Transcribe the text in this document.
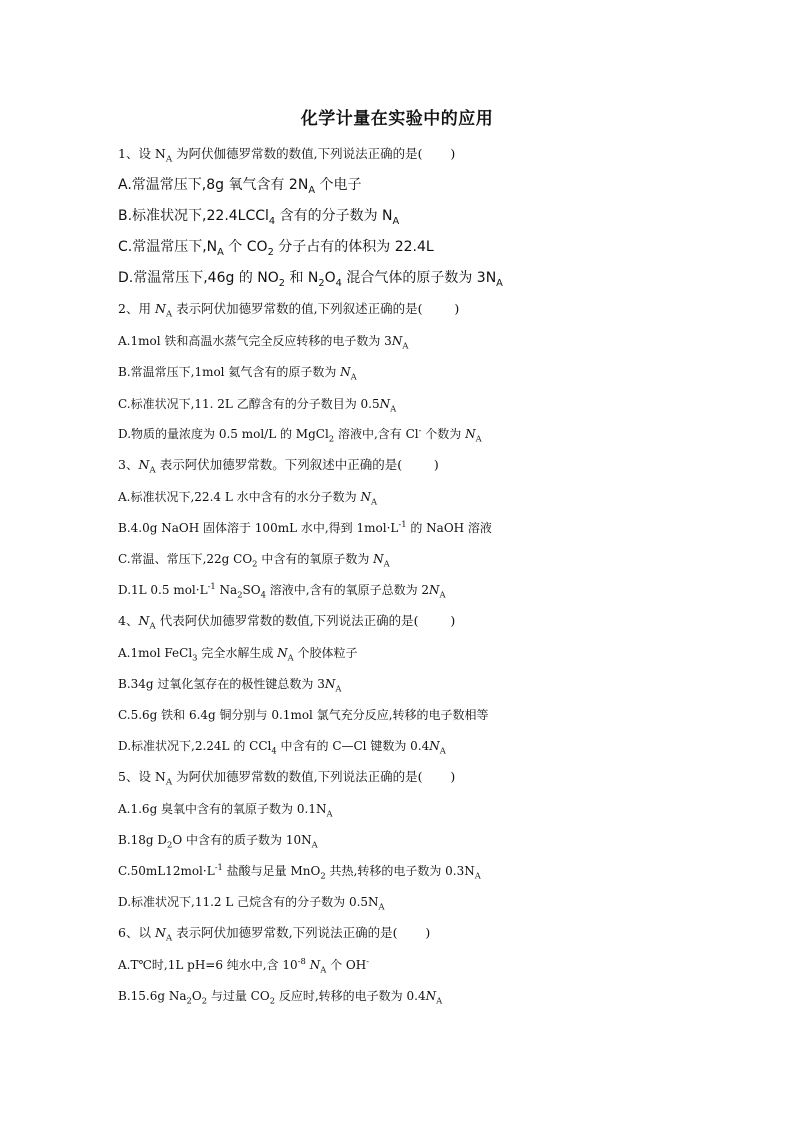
化学计量在实验中的应用
1、设 $N_A$ 为阿伏伽德罗常数的数值,下列说法正确的是(       )
A.常温常压下,8g 氧气含有 $2N_A$ 个电子
B.标准状况下,22.4LCCl$_4$ 含有的分子数为 $N_A$
C.常温常压下$,N_A$ 个 $CO_2$ 分子占有的体积为 22.4L
D.常温常压下,46g 的 $NO_2$ 和 $N_2O_4$ 混合气体的原子数为 $3N_A$
2、用 $N_A$ 表示阿伏加德罗常数的值,下列叙述正确的是(        )
A.1mol 铁和高温水蒸气完全反应转移的电子数为 $3N_A$
B.常温常压下,1mol 氦气含有的原子数为 $N_A$
C.标准状况下,11. 2L 乙醇含有的分子数目为 $0.5N_A$
D.物质的量浓度为 0.5 mol/L 的 MgCl$_2$ 溶液中,含有 Cl- 个数为 $N_A$
3、$N_A$ 表示阿伏加德罗常数。下列叙述中正确的是(        )
A.标准状况下,22.4 L 水中含有的水分子数为 $N_A$
B.4.0g NaOH 固体溶于 100mL 水中,得到 $1mol\cdot L^{-1}$ 的 NaOH 溶液
C.常温、常压下,22g $CO_2$ 中含有的氧原子数为 $N_A$
D.1L 0.5 $mol\cdot L^{-1}$ $Na_2SO_4$ 溶液中,含有的氧原子总数为 $2N_A$
4、$N_A$ 代表阿伏加德罗常数的数值,下列说法正确的是(        )
A.1mol FeCl$_3$ 完全水解生成 $N_A$ 个胶体粒子
B.34g 过氧化氢存在的极性键总数为 $3N_A$
C.5.6g 铁和 6.4g 铜分别与 0.1mol 氯气充分反应,转移的电子数相等
D.标准状况下,2.24L 的 CCl$_4$ 中含有的 C—Cl 键数为 $0.4N_A$
5、设 $N_A$ 为阿伏加德罗常数的数值,下列说法正确的是(       )
A.1.6g 臭氧中含有的氧原子数为 $0.1N_A$
B.18g $D_2O$ 中含有的质子数为 $10N_A$
$C.50mL12mol\cdot L^{-1}$ 盐酸与足量 MnO$_2$ 共热,转移的电子数为 $0.3N_A$
D.标准状况下,11.2 L 己烷含有的分子数为 $0.5N_A$
6、以 $N_A$ 表示阿伏加德罗常数,下列说法正确的是(       )
A.T℃时,1L pH=6 纯水中,含 $10^{-8}$ $N_A$ 个 OH-
B.15.6g $Na_2O_2$ 与过量 $CO_2$ 反应时,转移的电子数为 $0.4N_A$
